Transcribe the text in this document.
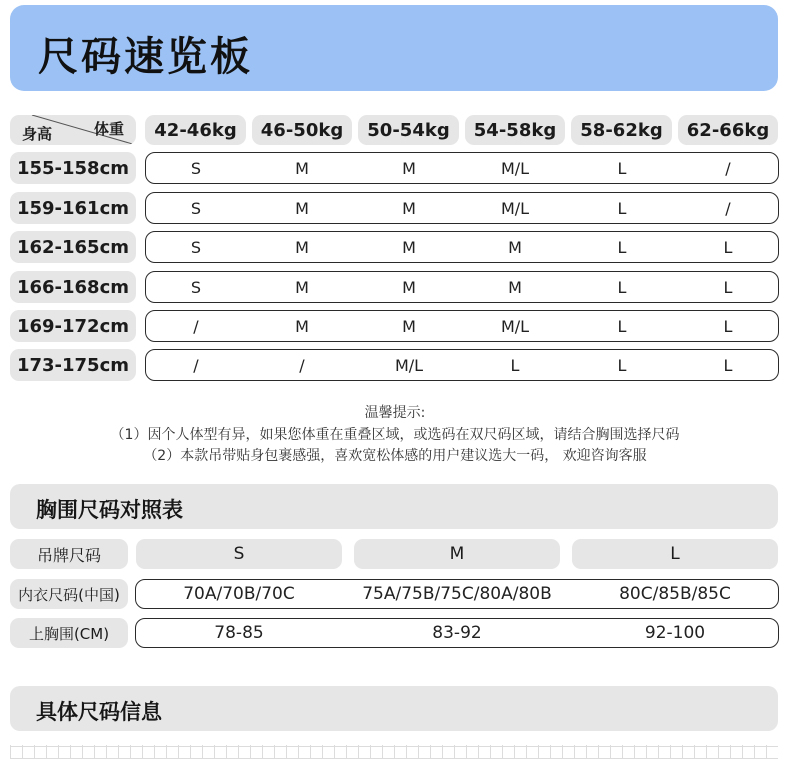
尺码速览板
体重
身高	42-46kg	46-50kg	50-54kg	54-58kg	58-62kg	62-66kg
155-158cm	S	M	M	M/L	L	/
159-161cm	S	M	M	M/L	L	/
162-165cm	S	M	M	M	L	L
166-168cm	S	M	M	M	L	L
169-172cm	/	M	M	M/L	L	L
173-175cm	/	/	M/L	L	L	L
温馨提示:
（1）因个人体型有异，如果您体重在重叠区域，或选码在双尺码区域，请结合胸围选择尺码
（2）本款吊带贴身包裹感强，喜欢宽松体感的用户建议选大一码， 欢迎咨询客服
胸围尺码对照表
吊牌尺码	S	M	L
内衣尺码(中国)	70A/70B/70C	75A/75B/75C/80A/80B	80C/85B/85C
上胸围(CM)	78-85	83-92	92-100
具体尺码信息
